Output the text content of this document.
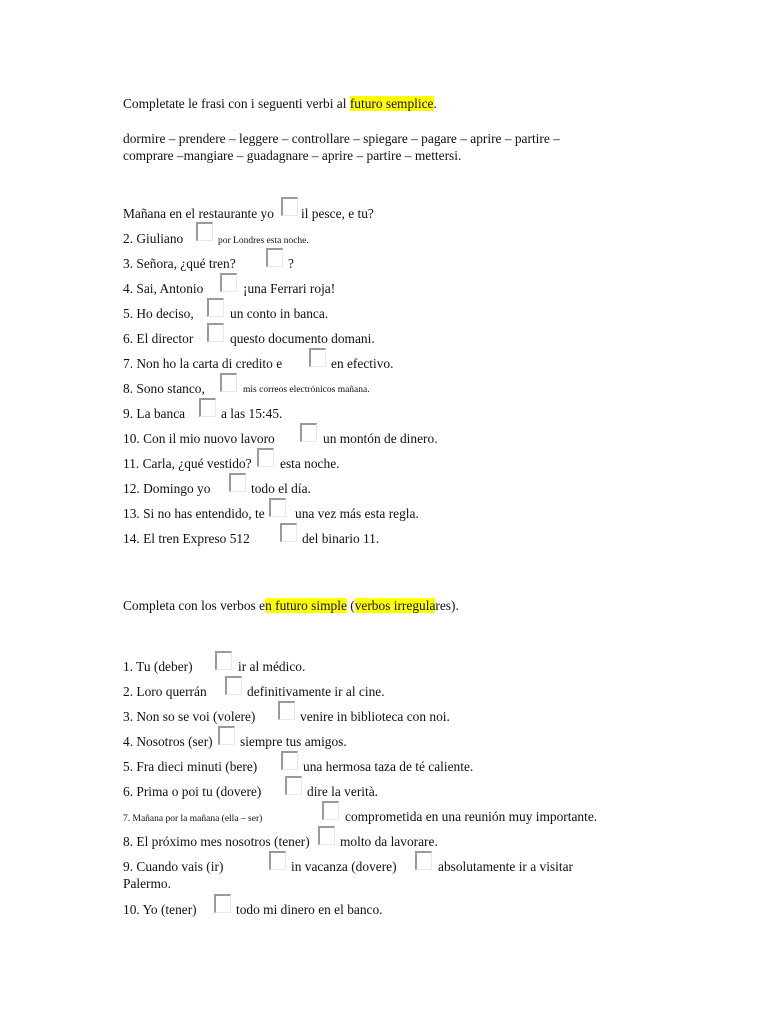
Completate le frasi con i seguenti verbi al futuro semplice.
dormire – prendere – leggere – controllare – spiegare – pagare – aprire – partire –
comprare –mangiare – guadagnare – aprire – partire – mettersi.
Mañana en el restaurante yo il pesce, e tu?
2. Giuliano	por Londres esta noche.
3. Señora, ¿qué tren?	?
4. Sai, Antonio	¡una Ferrari roja!
5. Ho deciso,	un conto in banca.
6. El director	questo documento domani.
7. Non ho la carta di credito e	en efectivo.
8. Sono stanco,	mis correos electrónicos mañana.
9. La banca	a las 15:45.
10. Con il mio nuovo lavoro	un montón de dinero.
11. Carla, ¿qué vestido? esta noche.
12. Domingo yo	todo el día.
13. Si no has entendido, te una vez más esta regla.
14. El tren Expreso 512	del binario 11.
Completa con los verbos en futuro simple (verbos irregulares).
1. Tu (deber)	ir al médico.
2. Loro querrán	definitivamente ir al cine.
3. Non so se voi (volere)	venire in biblioteca con noi.
4. Nosotros (ser) siempre tus amigos.
5. Fra dieci minuti (bere)	una hermosa taza de té caliente.
6. Prima o poi tu (dovere)	dire la verità.
7. Mañana por la mañana (ella – ser)	comprometida en una reunión muy importante.
8. El próximo mes nosotros (tener) molto da lavorare.
9. Cuando vais (ir)	in vacanza (dovere)	absolutamente ir a visitar
Palermo.
10. Yo (tener)	todo mi dinero en el banco.
